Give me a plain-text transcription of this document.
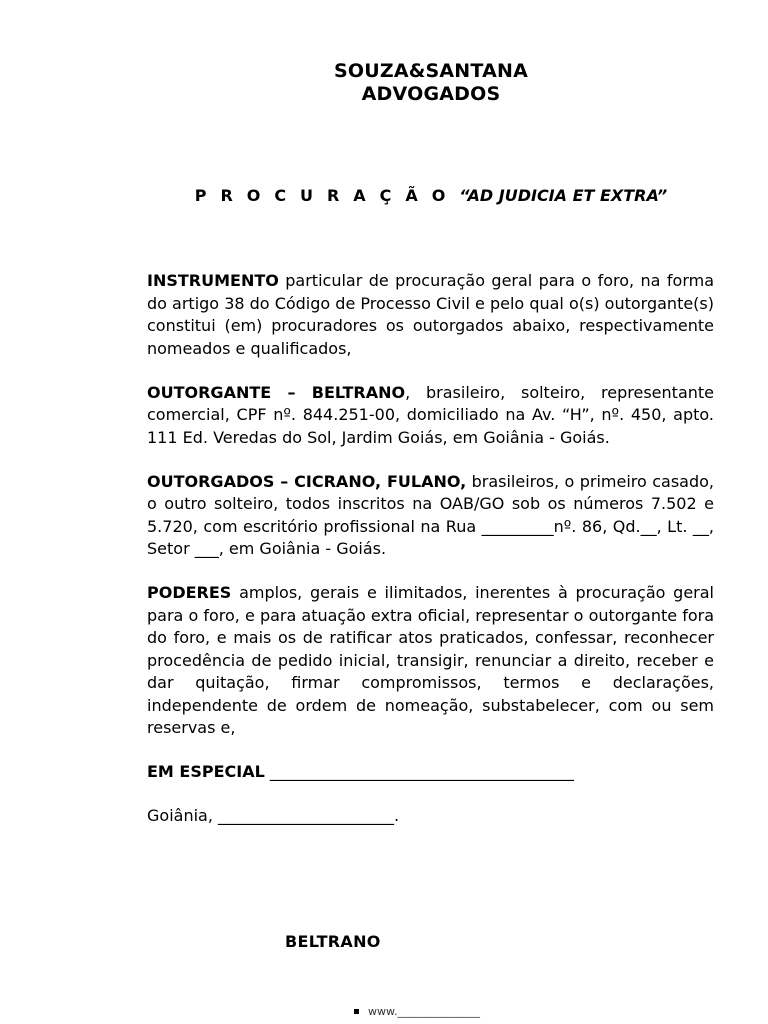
SOUZA&SANTANA
ADVOGADOS
P R O C U R A Ç Ã O “AD JUDICIA ET EXTRA”

INSTRUMENTO particular de procuração geral para o foro, na forma do artigo 38 do Código de Processo Civil e pelo qual o(s) outorgante(s) constitui (em) procuradores os outorgados abaixo, respectivamente nomeados e qualificados,

OUTORGANTE – BELTRANO, brasileiro, solteiro, representante comercial, CPF nº. 844.251-00, domiciliado na Av. “H”, nº. 450, apto. 111 Ed. Veredas do Sol, Jardim Goiás, em Goiânia - Goiás.

OUTORGADOS – CICRANO, FULANO, brasileiros, o primeiro casado, o outro solteiro, todos inscritos na OAB/GO sob os números 7.502 e 5.720, com escritório profissional na Rua _________nº. 86, Qd.__, Lt. __, Setor ___, em Goiânia - Goiás.

PODERES amplos, gerais e ilimitados, inerentes à procuração geral para o foro, e para atuação extra oficial, representar o outorgante fora do foro, e mais os de ratificar atos praticados, confessar, reconhecer procedência de pedido inicial, transigir, renunciar a direito, receber e dar quitação, firmar compromissos, termos e declarações, independente de ordem de nomeação, substabelecer, com ou sem reservas e,

EM ESPECIAL ______________________________________

Goiânia, ______________________.

BELTRANO
www._______________
